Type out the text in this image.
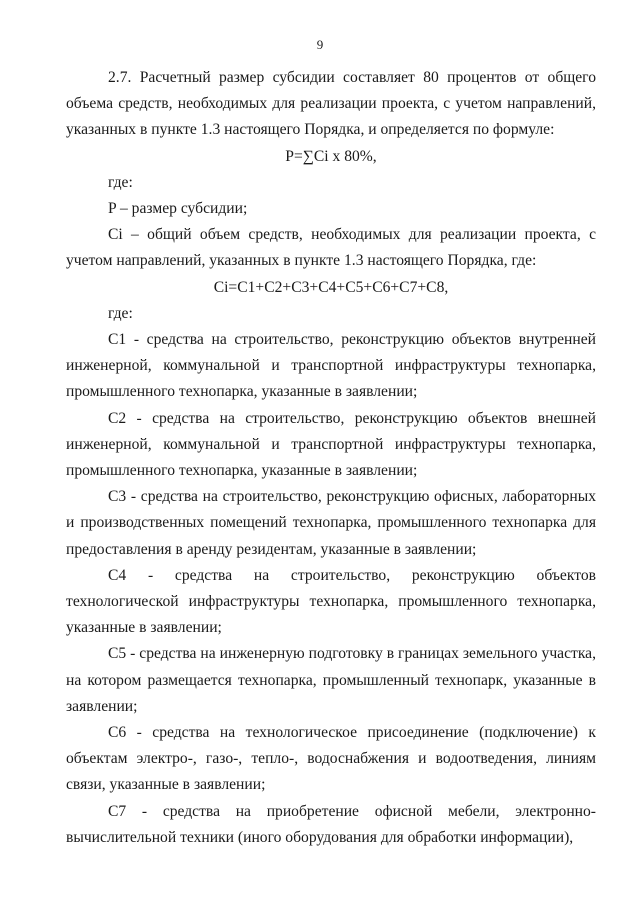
9

2.7. Расчетный размер субсидии составляет 80 процентов от общего объема средств, необходимых для реализации проекта, с учетом направлений, указанных в пункте 1.3 настоящего Порядка, и определяется по формуле:

P=∑Ci x 80%,

где:

P – размер субсидии;

Ci – общий объем средств, необходимых для реализации проекта, с учетом направлений, указанных в пункте 1.3 настоящего Порядка, где:

Ci=C1+C2+C3+C4+C5+C6+C7+C8,

где:

C1 - средства на строительство, реконструкцию объектов внутренней инженерной, коммунальной и транспортной инфраструктуры технопарка, промышленного технопарка, указанные в заявлении;

C2 - средства на строительство, реконструкцию объектов внешней инженерной, коммунальной и транспортной инфраструктуры технопарка, промышленного технопарка, указанные в заявлении;

C3 - средства на строительство, реконструкцию офисных, лабораторных и производственных помещений технопарка, промышленного технопарка для предоставления в аренду резидентам, указанные в заявлении;

C4 - средства на строительство, реконструкцию объектов технологической инфраструктуры технопарка, промышленного технопарка, указанные в заявлении;

C5 - средства на инженерную подготовку в границах земельного участка, на котором размещается технопарка, промышленный технопарк, указанные в заявлении;

C6 - средства на технологическое присоединение (подключение) к объектам электро-, газо-, тепло-, водоснабжения и водоотведения, линиям связи, указанные в заявлении;

C7 - средства на приобретение офисной мебели, электронно-вычислительной техники (иного оборудования для обработки информации),
